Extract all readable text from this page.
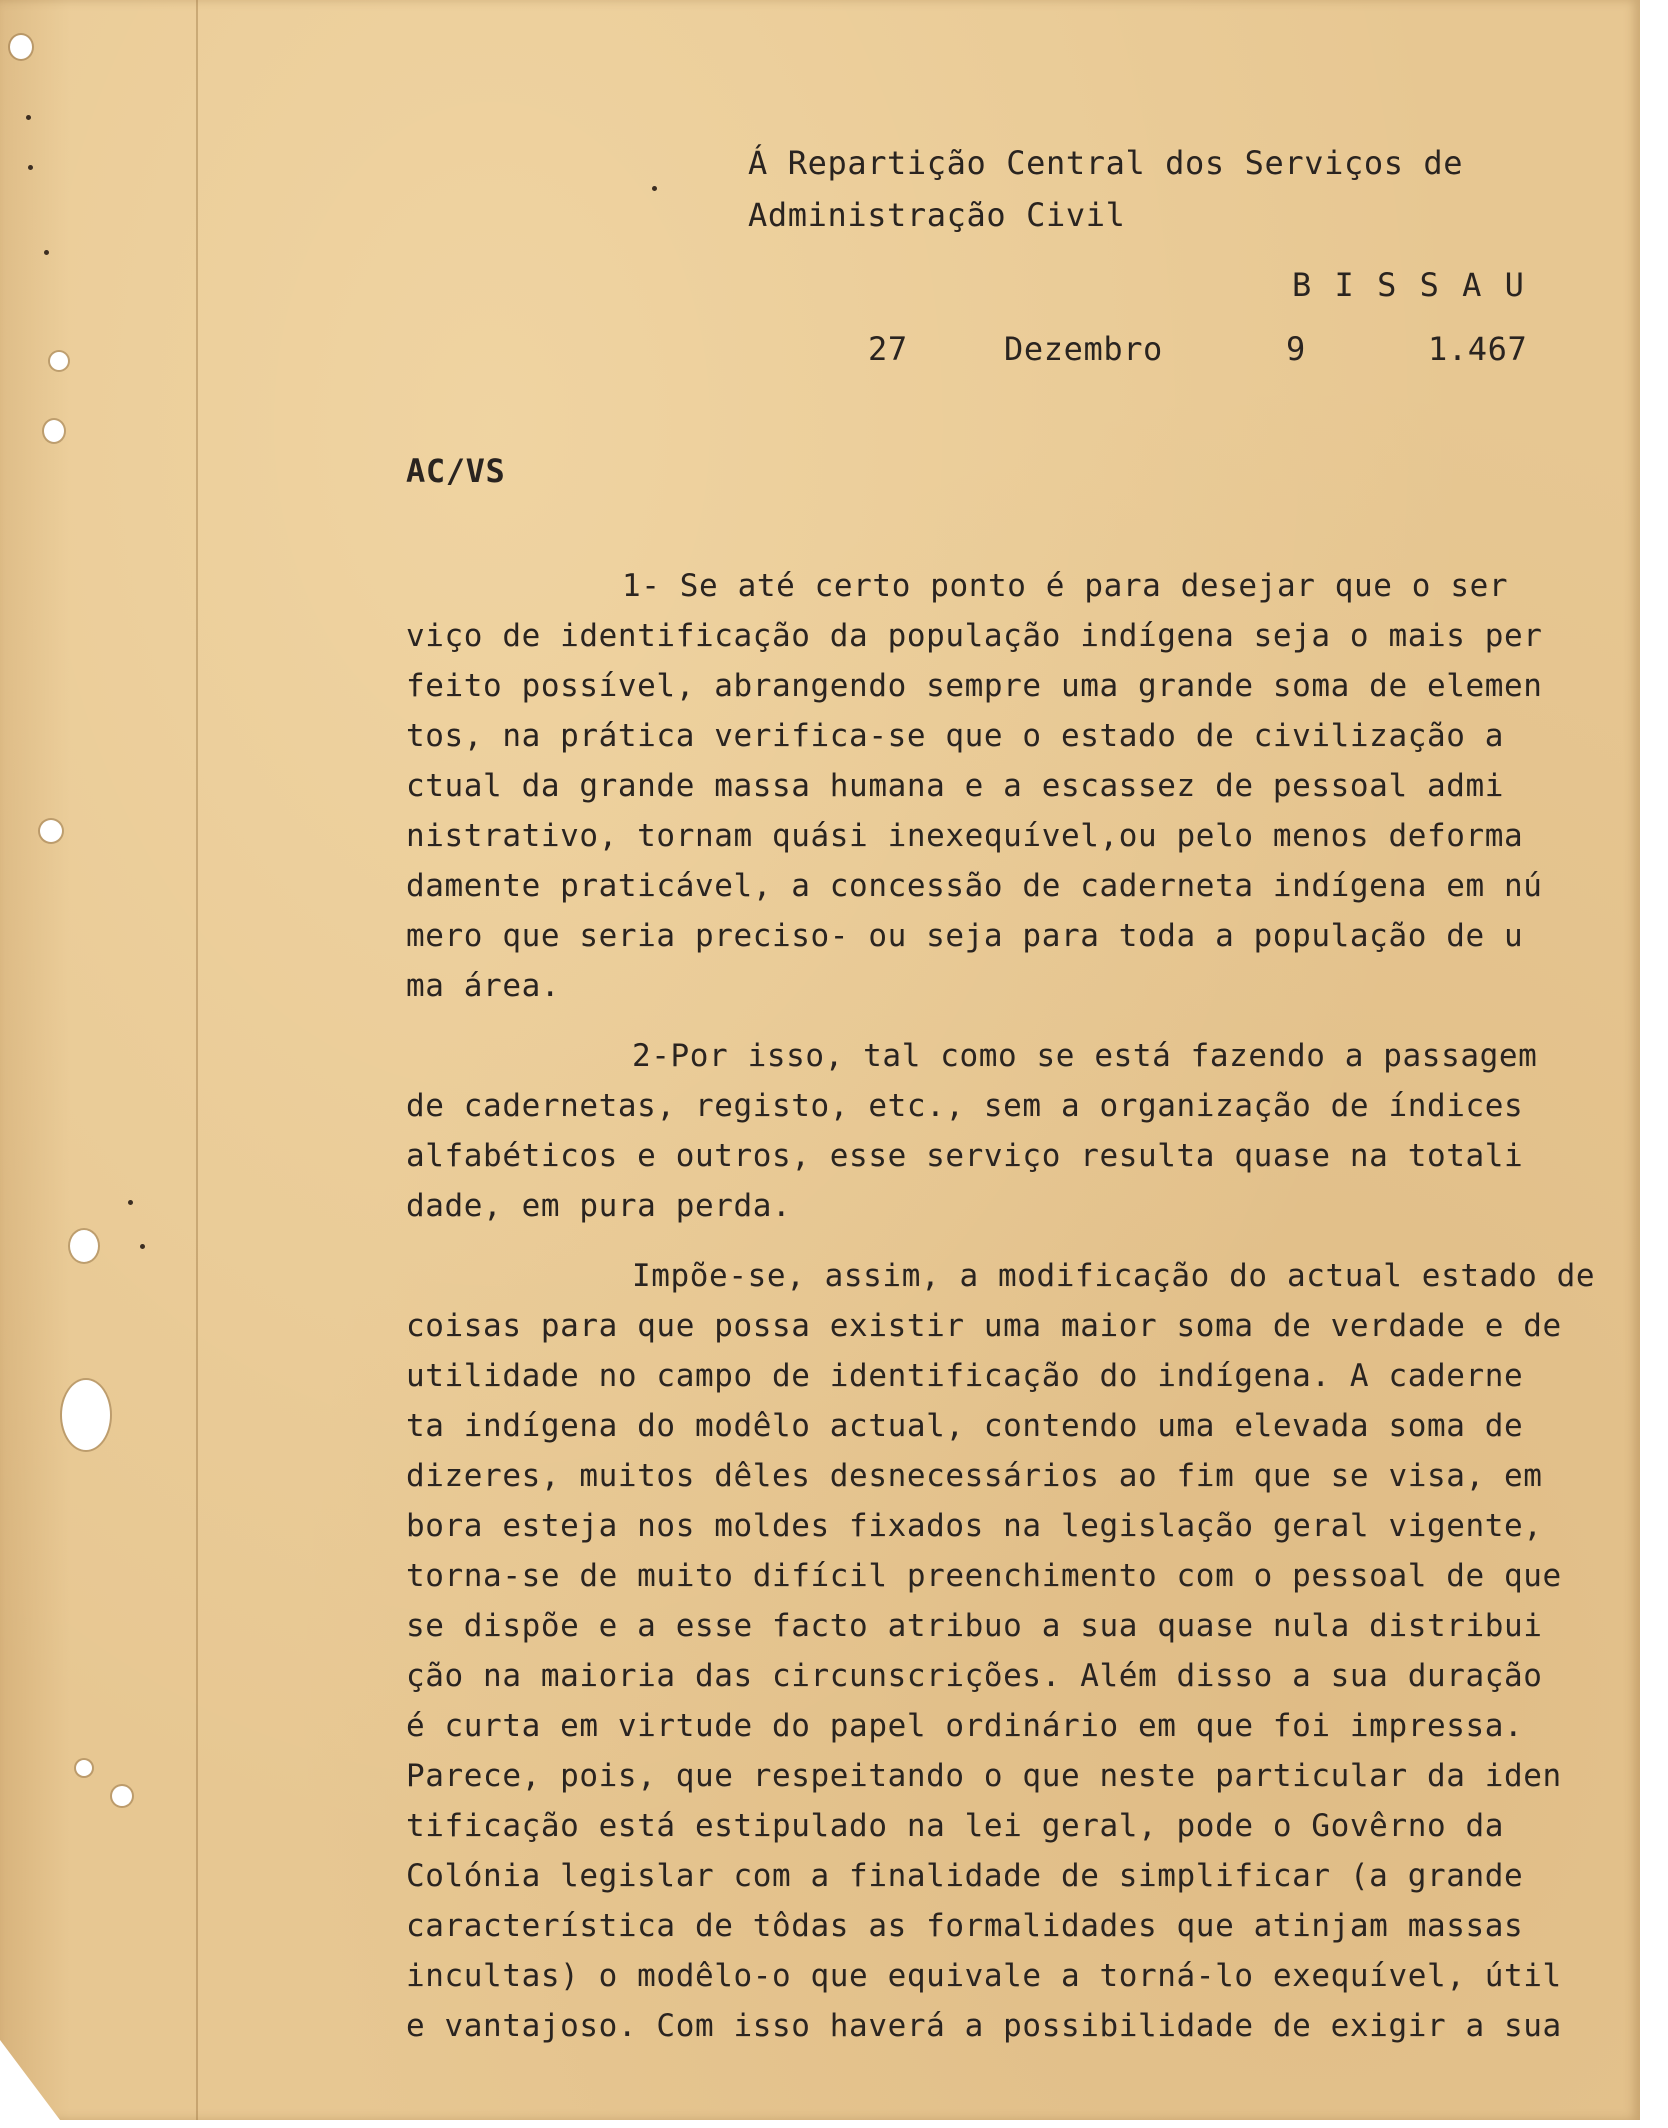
Á Repartição Central dos Serviços de
Administração Civil
B I S S A U
27	Dezembro	9	1.467
AC/VS
1- Se até certo ponto é para desejar que o ser
viço de identificação da população indígena seja o mais per
feito possível, abrangendo sempre uma grande soma de elemen
tos, na prática verifica-se que o estado de civilização a
ctual da grande massa humana e a escassez de pessoal admi
nistrativo, tornam quási inexequível,ou pelo menos deforma
damente praticável, a concessão de caderneta indígena em nú
mero que seria preciso- ou seja para toda a população de u
ma área.
2-Por isso, tal como se está fazendo a passagem
de cadernetas, registo, etc., sem a organização de índices
alfabéticos e outros, esse serviço resulta quase na totali
dade, em pura perda.
Impõe-se, assim, a modificação do actual estado de
coisas para que possa existir uma maior soma de verdade e de
utilidade no campo de identificação do indígena. A caderne
ta indígena do modêlo actual, contendo uma elevada soma de
dizeres, muitos dêles desnecessários ao fim que se visa, em
bora esteja nos moldes fixados na legislação geral vigente,
torna-se de muito difícil preenchimento com o pessoal de que
se dispõe e a esse facto atribuo a sua quase nula distribui
ção na maioria das circunscrições. Além disso a sua duração
é curta em virtude do papel ordinário em que foi impressa.
Parece, pois, que respeitando o que neste particular da iden
tificação está estipulado na lei geral, pode o Govêrno da
Colónia legislar com a finalidade de simplificar (a grande
característica de tôdas as formalidades que atinjam massas
incultas) o modêlo-o que equivale a torná-lo exequível, útil
e vantajoso. Com isso haverá a possibilidade de exigir a sua
